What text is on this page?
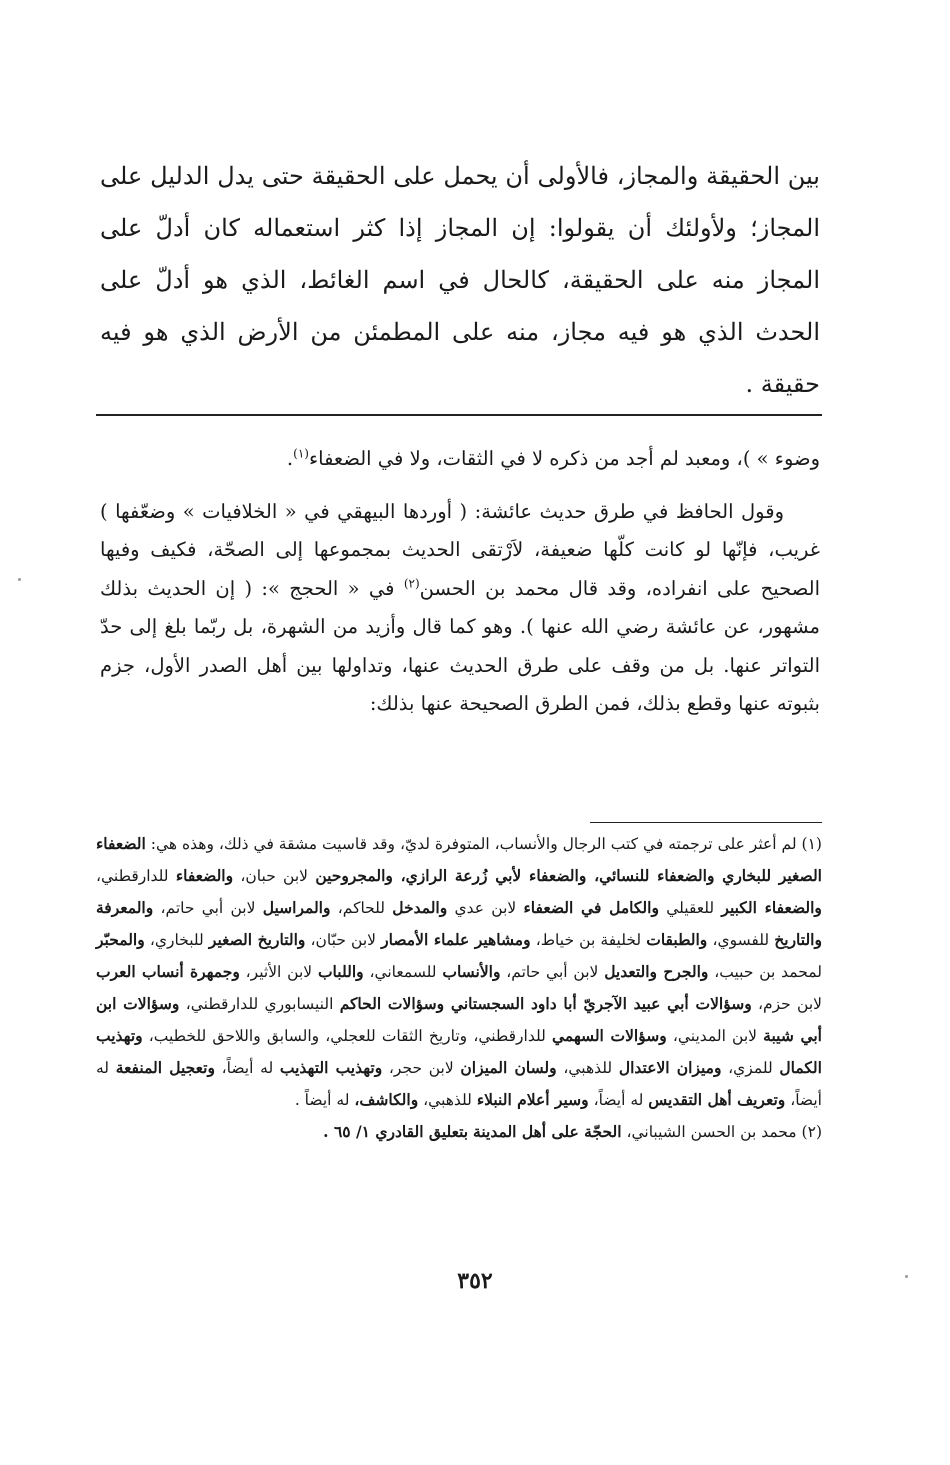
بين الحقيقة والمجاز، فالأولى أن يحمل على الحقيقة حتى يدل الدليل على المجاز؛ ولأولئك أن يقولوا: إن المجاز إذا كثر استعماله كان أدلّ على المجاز منه على الحقيقة، كالحال في اسم الغائط، الذي هو أدلّ على الحدث الذي هو فيه مجاز، منه على المطمئن من الأرض الذي هو فيه حقيقة .

وضوء » )، ومعبد لم أجد من ذكره لا في الثقات، ولا في الضعفاء$^{(١)}$.

وقول الحافظ في طرق حديث عائشة: ( أوردها البيهقي في « الخلافيات » وضعّفها ) غريب، فإنّها لو كانت كلّها ضعيفة، لاَرْتقى الحديث بمجموعها إلى الصحّة، فكيف وفيها الصحيح على انفراده، وقد قال محمد بن الحسن$^{(٢)}$ في « الحجج »: ( إن الحديث بذلك مشهور، عن عائشة رضي الله عنها ). وهو كما قال وأزيد من الشهرة، بل ربّما بلغ إلى حدّ التواتر عنها. بل من وقف على طرق الحديث عنها، وتداولها بين أهل الصدر الأول، جزم بثبوته عنها وقطع بذلك، فمن الطرق الصحيحة عنها بذلك:

(١) لم أعثر على ترجمته في كتب الرجال والأنساب، المتوفرة لديّ، وقد قاسيت مشقة في ذلك، وهذه هي: الضعفاء الصغير للبخاري والضعفاء للنسائي، والضعفاء لأبي زُرعة الرازي، والمجروحين لابن حبان، والضعفاء للدارقطني، والضعفاء الكبير للعقيلي والكامل في الضعفاء لابن عدي والمدخل للحاكم، والمراسيل لابن أبي حاتم، والمعرفة والتاريخ للفسوي، والطبقات لخليفة بن خياط، ومشاهير علماء الأمصار لابن حبّان، والتاريخ الصغير للبخاري، والمحبّر لمحمد بن حبيب، والجرح والتعديل لابن أبي حاتم، والأنساب للسمعاني، واللباب لابن الأثير، وجمهرة أنساب العرب لابن حزم، وسؤالات أبي عبيد الآجريّ أبا داود السجستاني وسؤالات الحاكم النيسابوري للدارقطني، وسؤالات ابن أبي شيبة لابن المديني، وسؤالات السهمي للدارقطني، وتاريخ الثقات للعجلي، والسابق واللاحق للخطيب، وتهذيب الكمال للمزي، وميزان الاعتدال للذهبي، ولسان الميزان لابن حجر، وتهذيب التهذيب له أيضاً، وتعجيل المنفعة له أيضاً، وتعريف أهل التقديس له أيضاً، وسير أعلام النبلاء للذهبي، والكاشف، له أيضاً .

(٢) محمد بن الحسن الشيباني، الحجّة على أهل المدينة بتعليق القادري ١/ ٦٥ .

٣٥٢
